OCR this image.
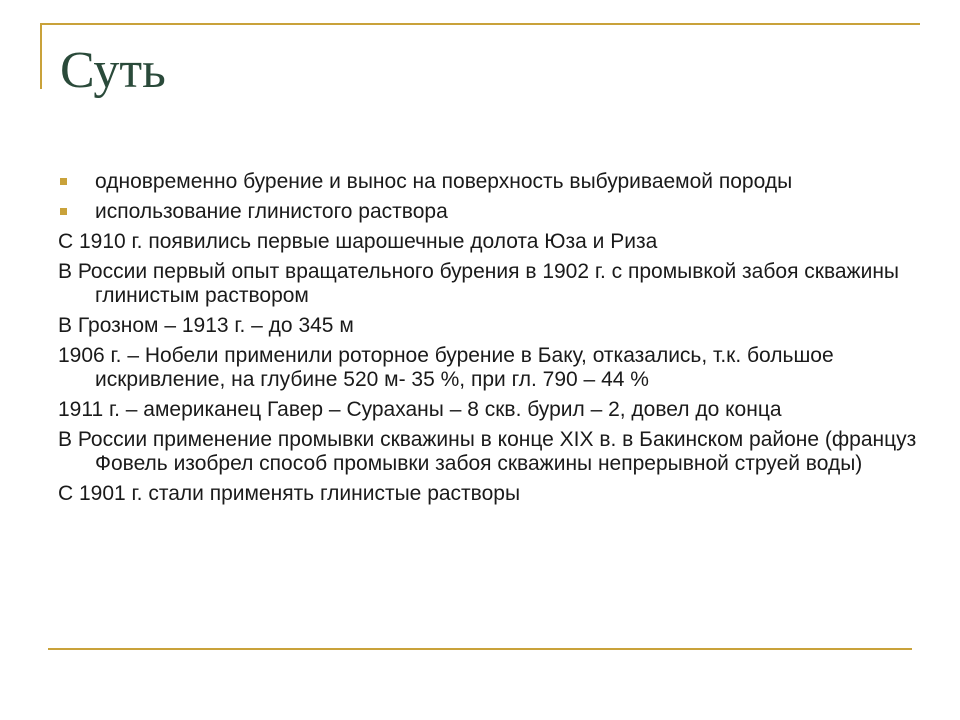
Суть
одновременно бурение и вынос на поверхность выбуриваемой породы
использование глинистого раствора
С 1910 г. появились первые шарошечные долота Юза и Риза
В России первый опыт вращательного бурения в 1902 г. с промывкой забоя скважины глинистым раствором
В Грозном – 1913 г. – до 345 м
1906 г. – Нобели применили роторное бурение в Баку, отказались, т.к. большое искривление, на глубине 520 м- 35 %, при гл. 790 – 44 %
1911 г. – американец Гавер – Сураханы – 8 скв. бурил – 2, довел до конца
В России применение промывки скважины в конце XIX в. в Бакинском районе (француз Фовель изобрел способ промывки забоя скважины непрерывной струей воды)
С 1901 г. стали применять глинистые растворы
